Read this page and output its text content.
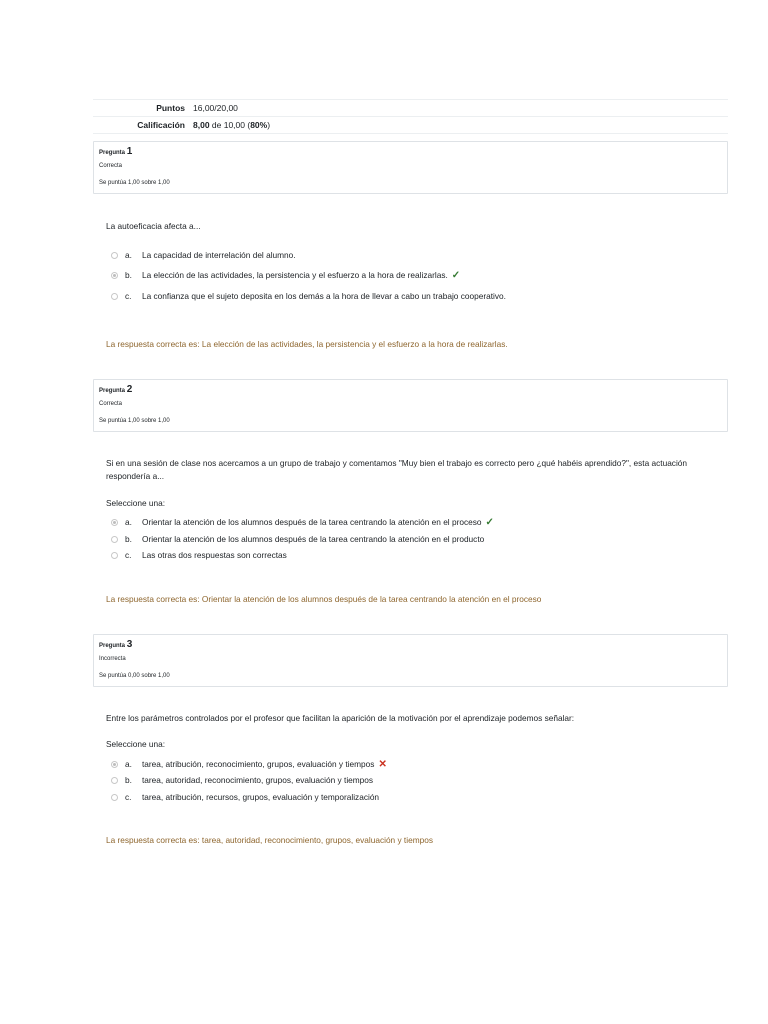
Puntos 16,00/20,00
Calificación 8,00 de 10,00 (80%)
Pregunta 1
Correcta
Se puntúa 1,00 sobre 1,00
La autoeficacia afecta a...
a.	La capacidad de interrelación del alumno.
b.	La elección de las actividades, la persistencia y el esfuerzo a la hora de realizarlas. ✓
c.	La confianza que el sujeto deposita en los demás a la hora de llevar a cabo un trabajo cooperativo.
La respuesta correcta es: La elección de las actividades, la persistencia y el esfuerzo a la hora de realizarlas.
Pregunta 2
Correcta
Se puntúa 1,00 sobre 1,00
Si en una sesión de clase nos acercamos a un grupo de trabajo y comentamos "Muy bien el trabajo es correcto pero ¿qué habéis aprendido?", esta actuación respondería a...
Seleccione una:
a.	Orientar la atención de los alumnos después de la tarea centrando la atención en el proceso ✓
b.	Orientar la atención de los alumnos después de la tarea centrando la atención en el producto
c.	Las otras dos respuestas son correctas
La respuesta correcta es: Orientar la atención de los alumnos después de la tarea centrando la atención en el proceso
Pregunta 3
Incorrecta
Se puntúa 0,00 sobre 1,00
Entre los parámetros controlados por el profesor que facilitan la aparición de la motivación por el aprendizaje podemos señalar:
Seleccione una:
a.	tarea, atribución, reconocimiento, grupos, evaluación y tiempos ✕
b.	tarea, autoridad, reconocimiento, grupos, evaluación y tiempos
c.	tarea, atribución, recursos, grupos, evaluación y temporalización
La respuesta correcta es: tarea, autoridad, reconocimiento, grupos, evaluación y tiempos
